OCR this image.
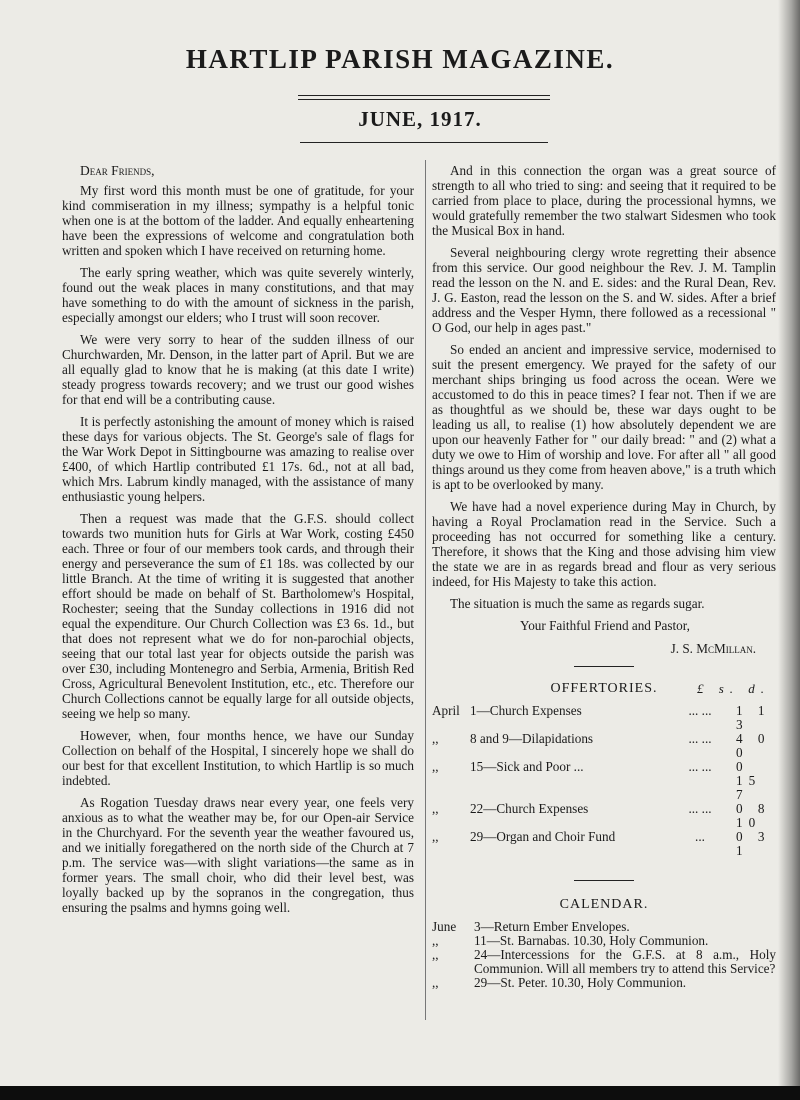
HARTLIP PARISH MAGAZINE.
JUNE, 1917.
Dear Friends,

My first word this month must be one of gratitude, for your kind commiseration in my illness; sympathy is a helpful tonic when one is at the bottom of the ladder. And equally enheartening have been the expressions of welcome and congratulation both written and spoken which I have received on returning home.

The early spring weather, which was quite severely winterly, found out the weak places in many constitutions, and that may have something to do with the amount of sickness in the parish, especially amongst our elders; who I trust will soon recover.

We were very sorry to hear of the sudden illness of our Churchwarden, Mr. Denson, in the latter part of April. But we are all equally glad to know that he is making (at this date I write) steady progress towards recovery; and we trust our good wishes for that end will be a contributing cause.

It is perfectly astonishing the amount of money which is raised these days for various objects. The St. George's sale of flags for the War Work Depot in Sittingbourne was amazing to realise over £400, of which Hartlip contributed £1 17s. 6d., not at all bad, which Mrs. Labrum kindly managed, with the assistance of many enthusiastic young helpers.

Then a request was made that the G.F.S. should collect towards two munition huts for Girls at War Work, costing £450 each. Three or four of our members took cards, and through their energy and perseverance the sum of £1 18s. was collected by our little Branch. At the time of writing it is suggested that another effort should be made on behalf of St. Bartholomew's Hospital, Rochester; seeing that the Sunday collections in 1916 did not equal the expenditure. Our Church Collection was £3 6s. 1d., but that does not represent what we do for non-parochial objects, seeing that our total last year for objects outside the parish was over £30, including Montenegro and Serbia, Armenia, British Red Cross, Agricultural Benevolent Institution, etc., etc. Therefore our Church Collections cannot be equally large for all outside objects, seeing we help so many.

However, when, four months hence, we have our Sunday Collection on behalf of the Hospital, I sincerely hope we shall do our best for that excellent Institution, to which Hartlip is so much indebted.

As Rogation Tuesday draws near every year, one feels very anxious as to what the weather may be, for our Open-air Service in the Churchyard. For the seventh year the weather favoured us, and we initially foregathered on the north side of the Church at 7 p.m. The service was—with slight variations—the same as in former years. The small choir, who did their level best, was loyally backed up by the sopranos in the congregation, thus ensuring the psalms and hymns going well.

And in this connection the organ was a great source of strength to all who tried to sing: and seeing that it required to be carried from place to place, during the processional hymns, we would gratefully remember the two stalwart Sidesmen who took the Musical Box in hand.

Several neighbouring clergy wrote regretting their absence from this service. Our good neighbour the Rev. J. M. Tamplin read the lesson on the N. and E. sides: and the Rural Dean, Rev. J. G. Easton, read the lesson on the S. and W. sides. After a brief address and the Vesper Hymn, there followed as a recessional " O God, our help in ages past."

So ended an ancient and impressive service, modernised to suit the present emergency. We prayed for the safety of our merchant ships bringing us food across the ocean. Were we accustomed to do this in peace times? I fear not. Then if we are as thoughtful as we should be, these war days ought to be leading us all, to realise (1) how absolutely dependent we are upon our heavenly Father for " our daily bread: " and (2) what a duty we owe to Him of worship and love. For after all " all good things around us they come from heaven above," is a truth which is apt to be overlooked by many.

We have had a novel experience during May in Church, by having a Royal Proclamation read in the Service. Such a proceeding has not occurred for something like a century. Therefore, it shows that the King and those advising him view the state we are in as regards bread and flour as very serious indeed, for His Majesty to take this action.

The situation is much the same as regards sugar.

Your Faithful Friend and Pastor,
J. S. McMillan.
OFFERTORIES.	£ s. d.
April	1—Church Expenses	... ...	1 1 3
,,	8 and 9—Dilapidations	... ...	4 0 0
,,	15—Sick and Poor ...	... ...	0 15 7
,,	22—Church Expenses	... ...	0 8 10
,,	29—Organ and Choir Fund	...	0 3 1
CALENDAR.
June	3—Return Ember Envelopes.
,,	11—St. Barnabas. 10.30, Holy Communion.
,,	24—Intercessions for the G.F.S. at 8 a.m., Holy Communion. Will all members try to attend this Service?
,,	29—St. Peter. 10.30, Holy Communion.
